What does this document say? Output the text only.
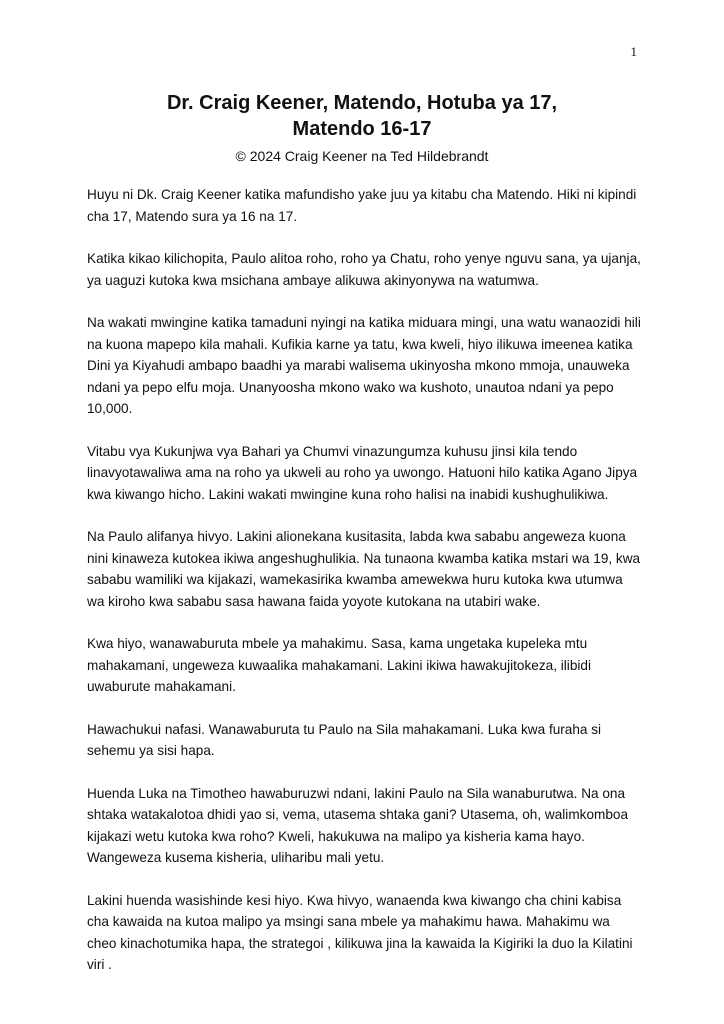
1
Dr. Craig Keener, Matendo, Hotuba ya 17,
Matendo 16-17
© 2024 Craig Keener na Ted Hildebrandt

Huyu ni Dk. Craig Keener katika mafundisho yake juu ya kitabu cha Matendo. Hiki ni kipindi cha 17, Matendo sura ya 16 na 17.

Katika kikao kilichopita, Paulo alitoa roho, roho ya Chatu, roho yenye nguvu sana, ya ujanja, ya uaguzi kutoka kwa msichana ambaye alikuwa akinyonywa na watumwa.

Na wakati mwingine katika tamaduni nyingi na katika miduara mingi, una watu wanaozidi hili na kuona mapepo kila mahali. Kufikia karne ya tatu, kwa kweli, hiyo ilikuwa imeenea katika Dini ya Kiyahudi ambapo baadhi ya marabi walisema ukinyosha mkono mmoja, unauweka ndani ya pepo elfu moja. Unanyoosha mkono wako wa kushoto, unautoa ndani ya pepo 10,000.

Vitabu vya Kukunjwa vya Bahari ya Chumvi vinazungumza kuhusu jinsi kila tendo linavyotawaliwa ama na roho ya ukweli au roho ya uwongo. Hatuoni hilo katika Agano Jipya kwa kiwango hicho. Lakini wakati mwingine kuna roho halisi na inabidi kushughulikiwa.

Na Paulo alifanya hivyo. Lakini alionekana kusitasita, labda kwa sababu angeweza kuona nini kinaweza kutokea ikiwa angeshughulikia. Na tunaona kwamba katika mstari wa 19, kwa sababu wamiliki wa kijakazi, wamekasirika kwamba amewekwa huru kutoka kwa utumwa wa kiroho kwa sababu sasa hawana faida yoyote kutokana na utabiri wake.

Kwa hiyo, wanawaburuta mbele ya mahakimu. Sasa, kama ungetaka kupeleka mtu mahakamani, ungeweza kuwaalika mahakamani. Lakini ikiwa hawakujitokeza, ilibidi uwaburute mahakamani.

Hawachukui nafasi. Wanawaburuta tu Paulo na Sila mahakamani. Luka kwa furaha si sehemu ya sisi hapa.

Huenda Luka na Timotheo hawaburuzwi ndani, lakini Paulo na Sila wanaburutwa. Na ona shtaka watakalotoa dhidi yao si, vema, utasema shtaka gani? Utasema, oh, walimkomboa kijakazi wetu kutoka kwa roho? Kweli, hakukuwa na malipo ya kisheria kama hayo. Wangeweza kusema kisheria, uliharibu mali yetu.

Lakini huenda wasishinde kesi hiyo. Kwa hivyo, wanaenda kwa kiwango cha chini kabisa cha kawaida na kutoa malipo ya msingi sana mbele ya mahakimu hawa. Mahakimu wa cheo kinachotumika hapa, the strategoi , kilikuwa jina la kawaida la Kigiriki la duo la Kilatini viri .
